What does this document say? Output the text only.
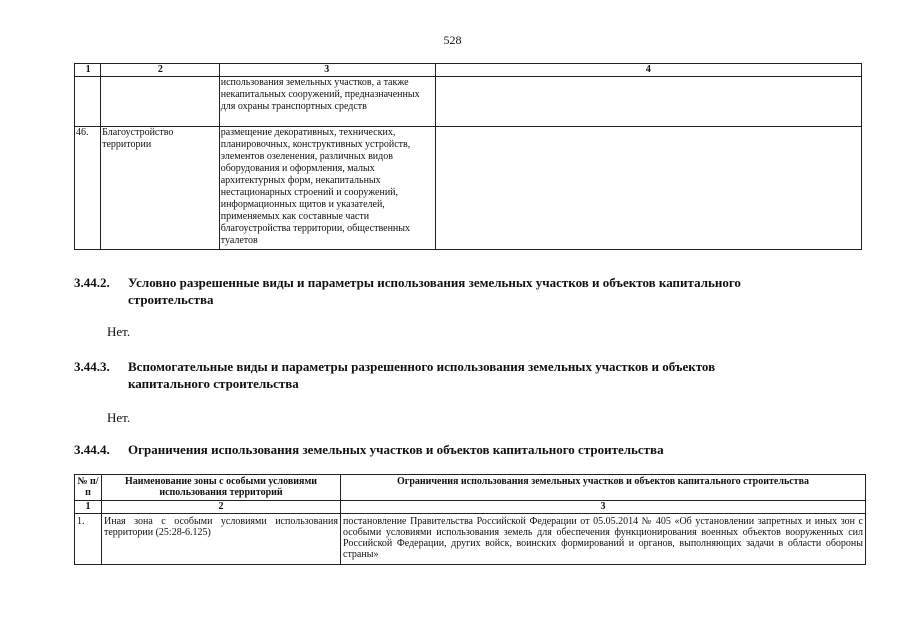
528
1	2	3	4
		использования земельных участков, а также некапитальных сооружений, предназначенных для охраны транспортных средств	
46.	Благоустройство территории	размещение декоративных, технических, планировочных, конструктивных устройств, элементов озеленения, различных видов оборудования и оформления, малых архитектурных форм, некапитальных нестационарных строений и сооружений, информационных щитов и указателей, применяемых как составные части благоустройства территории, общественных туалетов	
3.44.2. Условно разрешенные виды и параметры использования земельных участков и объектов капитального
строительства
Нет.
3.44.3. Вспомогательные виды и параметры разрешенного использования земельных участков и объектов
капитального строительства
Нет.
3.44.4. Ограничения использования земельных участков и объектов капитального строительства
№ п/п	Наименование зоны с особыми условиями использования территорий	Ограничения использования земельных участков и объектов капитального строительства
1	2	3
1.	Иная зона с особыми условиями использования территории (25:28-6.125)	постановление Правительства Российской Федерации от 05.05.2014 № 405 «Об установлении запретных и иных зон с особыми условиями использования земель для обеспечения функционирования военных объектов вооруженных сил Российской Федерации, других войск, воинских формирований и органов, выполняющих задачи в области обороны страны»
